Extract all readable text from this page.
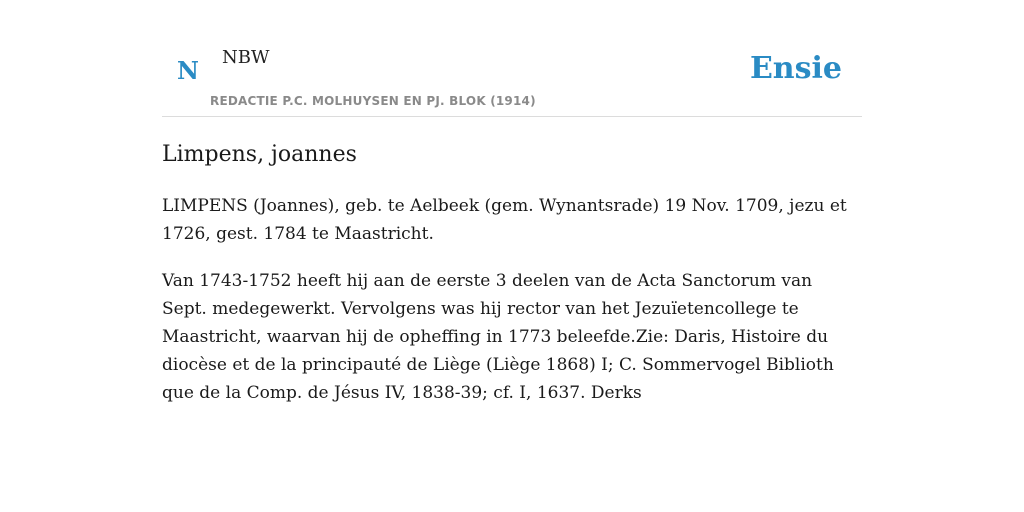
N NBW
REDACTIE P.C. MOLHUYSEN EN PJ. BLOK (1914)
Ensie
Limpens, joannes

LIMPENS (Joannes), geb. te Aelbeek (gem. Wynantsrade) 19 Nov. 1709, jezu et 1726, gest. 1784 te Maastricht.

Van 1743-1752 heeft hij aan de eerste 3 deelen van de Acta Sanctorum van Sept. medegewerkt. Vervolgens was hij rector van het Jezuïetencollege te Maastricht, waarvan hij de opheffing in 1773 beleefde.Zie: Daris, Histoire du diocèse et de la principauté de Liège (Liège 1868) I; C. Sommervogel Biblioth que de la Comp. de Jésus IV, 1838-39; cf. I, 1637. Derks
